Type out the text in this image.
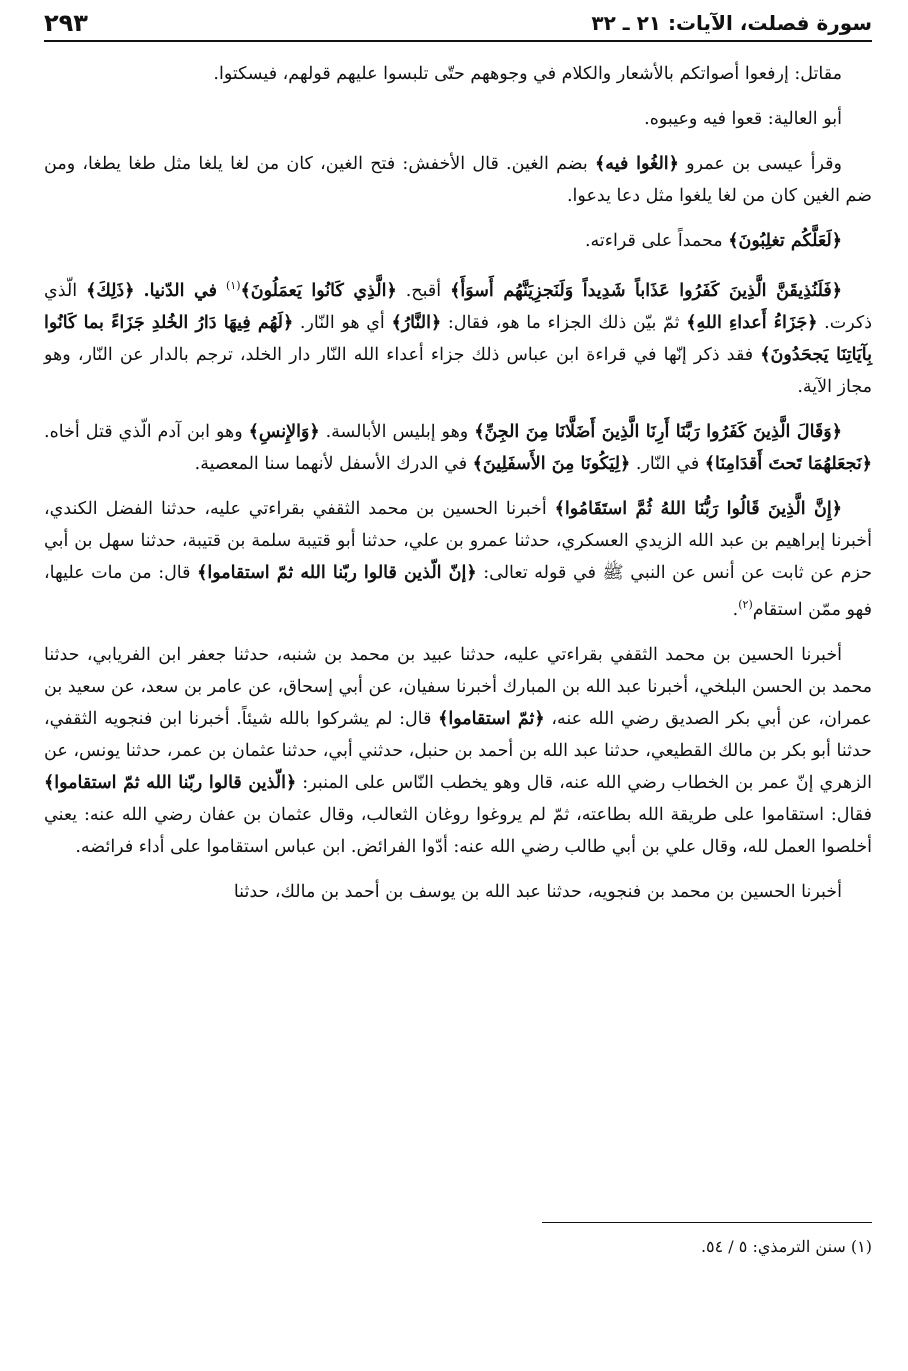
سورة فصلت، الآيات: ٢١ ـ ٣٢
٢٩٣

مقاتل: إرفعوا أصواتكم بالأشعار والكلام في وجوههم حتّى تلبسوا عليهم قولهم، فيسكتوا.

أبو العالية: قعوا فيه وعيبوه.

وقرأ عيسى بن عمرو ﴿الغُوا فيه﴾ بضم الغين. قال الأخفش: فتح الغين، كان من لغا يلغا مثل طغا يطغا، ومن ضم الغين كان من لغا يلغوا مثل دعا يدعوا.

﴿لَعَلَّكُم تغلِبُونَ﴾ محمداً على قراءته.

﴿فَلَنُذِيقَنَّ الَّذِينَ كَفَرُوا عَذَاباً شَدِيداً وَلَنَجزِيَنَّهُم أَسوَأَ﴾ أقبح. ﴿الَّذِي كَانُوا يَعمَلُونَ﴾$^{(١)}$ في الدّنيا. ﴿ذَلِكَ﴾ الّذي ذكرت. ﴿جَزَاءُ أَعداءِ اللهِ﴾ ثمّ بيّن ذلك الجزاء ما هو، فقال: ﴿النَّارُ﴾ أي هو النّار. ﴿لَهُم فِيهَا دَارُ الخُلدِ جَزَاءً بما كَانُوا بِآيَاتِنَا يَجحَدُونَ﴾ فقد ذكر إنّها في قراءة ابن عباس ذلك جزاء أعداء الله النّار دار الخلد، ترجم بالدار عن النّار، وهو مجاز الآية.

﴿وَقَالَ الَّذِينَ كَفَرُوا رَبَّنَا أَرِنَا الَّذِينَ أَضَلَّانَا مِنَ الجِنِّ﴾ وهو إبليس الأبالسة. ﴿وَالإِنسِ﴾ وهو ابن آدم الّذي قتل أخاه. ﴿نَجعَلهُمَا تَحتَ أَقدَامِنَا﴾ في النّار. ﴿لِيَكُونَا مِنَ الأَسفَلِينَ﴾ في الدرك الأسفل لأنهما سنا المعصية.

﴿إِنَّ الَّذِينَ قَالُوا رَبُّنَا اللهُ ثُمَّ استَقَامُوا﴾ أخبرنا الحسين بن محمد الثقفي بقراءتي عليه، حدثنا الفضل الكندي، أخبرنا إبراهيم بن عبد الله الزيدي العسكري، حدثنا عمرو بن علي، حدثنا أبو قتيبة سلمة بن قتيبة، حدثنا سهل بن أبي حزم عن ثابت عن أنس عن النبي ﷺ في قوله تعالى: ﴿إنّ الّذين قالوا ربّنا الله ثمّ استقاموا﴾ قال: من مات عليها، فهو ممّن استقام$^{(٢)}$.

أخبرنا الحسين بن محمد الثقفي بقراءتي عليه، حدثنا عبيد بن محمد بن شنبه، حدثنا جعفر ابن الفريابي، حدثنا محمد بن الحسن البلخي، أخبرنا عبد الله بن المبارك أخبرنا سفيان، عن أبي إسحاق، عن عامر بن سعد، عن سعيد بن عمران، عن أبي بكر الصديق رضي الله عنه، ﴿ثمّ استقاموا﴾ قال: لم يشركوا بالله شيئاً. أخبرنا ابن فنجويه الثقفي، حدثنا أبو بكر بن مالك القطيعي، حدثنا عبد الله بن أحمد بن حنبل، حدثني أبي، حدثنا عثمان بن عمر، حدثنا يونس، عن الزهري إنّ عمر بن الخطاب رضي الله عنه، قال وهو يخطب النّاس على المنبر: ﴿الّذين قالوا ربّنا الله ثمّ استقاموا﴾ فقال: استقاموا على طريقة الله بطاعته، ثمّ لم يروغوا روغان الثعالب، وقال عثمان بن عفان رضي الله عنه: يعني أخلصوا العمل لله، وقال علي بن أبي طالب رضي الله عنه: أدّوا الفرائض. ابن عباس استقاموا على أداء فرائضه.

أخبرنا الحسين بن محمد بن فنجويه، حدثنا عبد الله بن يوسف بن أحمد بن مالك، حدثنا

(١) سنن الترمذي: ٥ / ٥٤.
